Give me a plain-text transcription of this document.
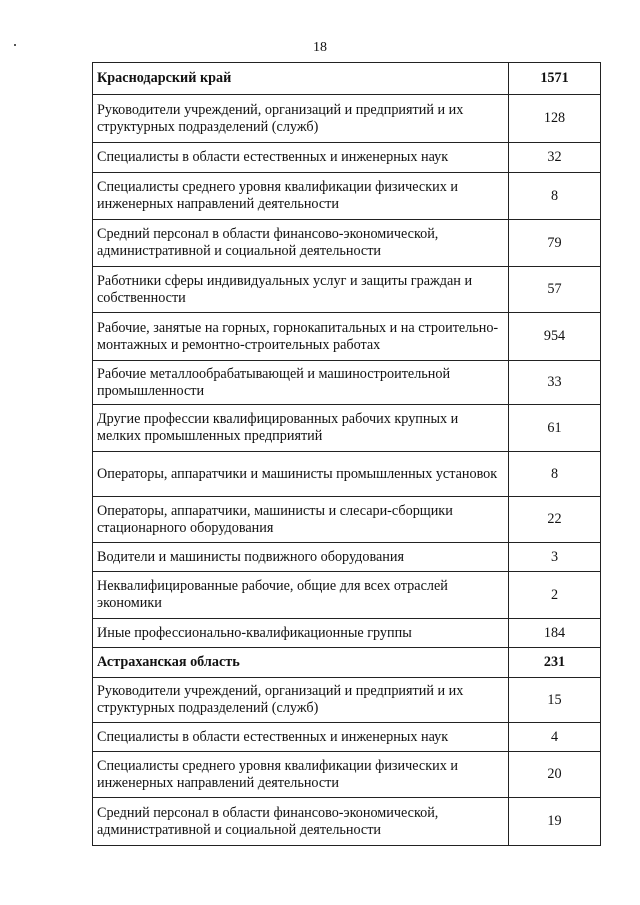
18
Краснодарский край	1571
Руководители учреждений, организаций и предприятий и их структурных подразделений (служб)	128
Специалисты в области естественных и инженерных наук	32
Специалисты среднего уровня квалификации физических и инженерных направлений деятельности	8
Средний персонал в области финансово-экономической, административной и социальной деятельности	79
Работники сферы индивидуальных услуг и защиты граждан и собственности	57
Рабочие, занятые на горных, горнокапитальных и на строительно-монтажных и ремонтно-строительных работах	954
Рабочие металлообрабатывающей и машиностроительной промышленности	33
Другие профессии квалифицированных рабочих крупных и мелких промышленных предприятий	61
Операторы, аппаратчики и машинисты промышленных установок	8
Операторы, аппаратчики, машинисты и слесари-сборщики стационарного оборудования	22
Водители и машинисты подвижного оборудования	3
Неквалифицированные рабочие, общие для всех отраслей экономики	2
Иные профессионально-квалификационные группы	184
Астраханская область	231
Руководители учреждений, организаций и предприятий и их структурных подразделений (служб)	15
Специалисты в области естественных и инженерных наук	4
Специалисты среднего уровня квалификации физических и инженерных направлений деятельности	20
Средний персонал в области финансово-экономической, административной и социальной деятельности	19
